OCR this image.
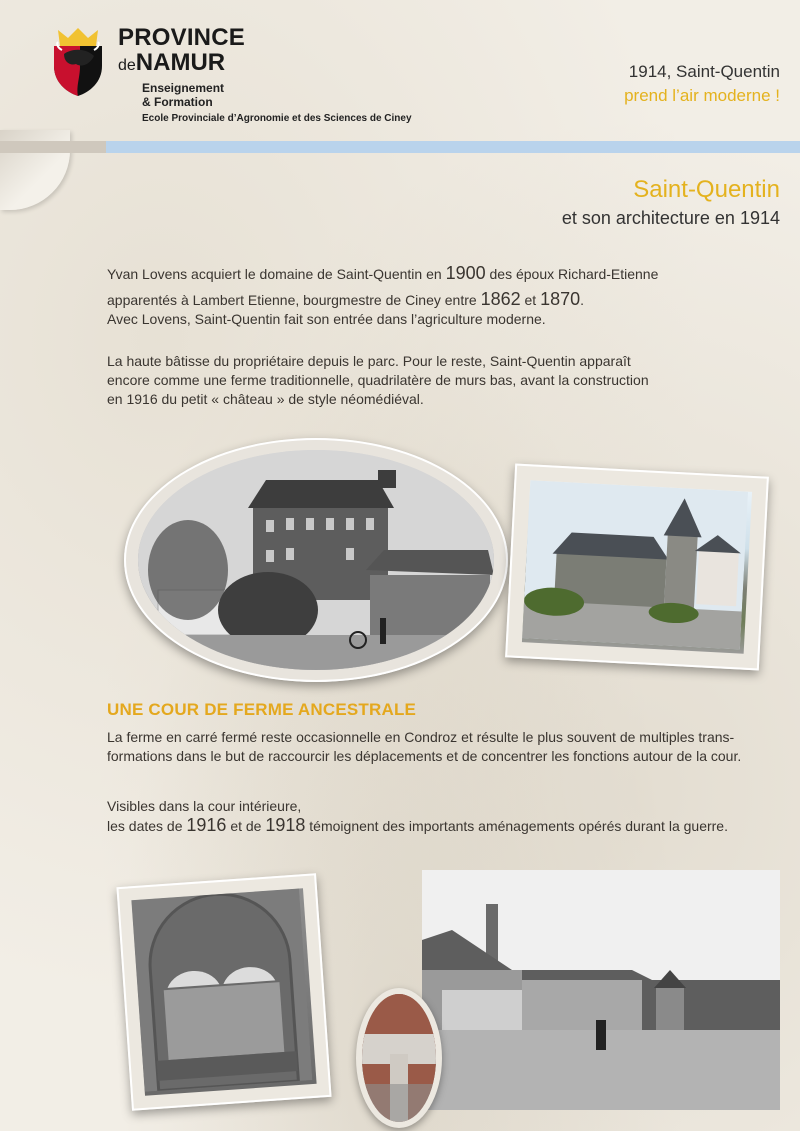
PROVINCE
deNAMUR
Enseignement
& Formation
Ecole Provinciale d’Agronomie et des Sciences de Ciney
1914, Saint-Quentin
prend l’air moderne !
Saint-Quentin
et son architecture en 1914
Yvan Lovens acquiert le domaine de Saint-Quentin en 1900 des époux Richard-Etienne
apparentés à Lambert Etienne, bourgmestre de Ciney entre 1862 et 1870.
Avec Lovens, Saint-Quentin fait son entrée dans l’agriculture moderne.
La haute bâtisse du propriétaire depuis le parc. Pour le reste, Saint-Quentin apparaît
encore comme une ferme traditionnelle, quadrilatère de murs bas, avant la construction
en 1916 du petit « château » de style néomédiéval.
UNE COUR DE FERME ANCESTRALE
La ferme en carré fermé reste occasionnelle en Condroz et résulte le plus souvent de multiples trans-
formations dans le but de raccourcir les déplacements et de concentrer les fonctions autour de la cour.
Visibles dans la cour intérieure,
les dates de 1916 et de 1918 témoignent des importants aménagements opérés durant la guerre.
